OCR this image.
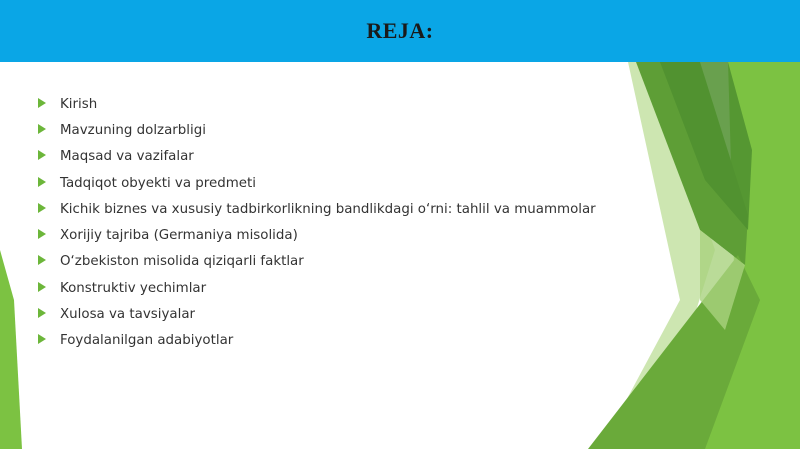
REJA:
Kirish
Mavzuning dolzarbligi
Maqsad va vazifalar
Tadqiqot obyekti va predmeti
Kichik biznes va xususiy tadbirkorlikning bandlikdagi o‘rni: tahlil va muammolar
Xorijiy tajriba (Germaniya misolida)
O‘zbekiston misolida qiziqarli faktlar
Konstruktiv yechimlar
Xulosa va tavsiyalar
Foydalanilgan adabiyotlar
